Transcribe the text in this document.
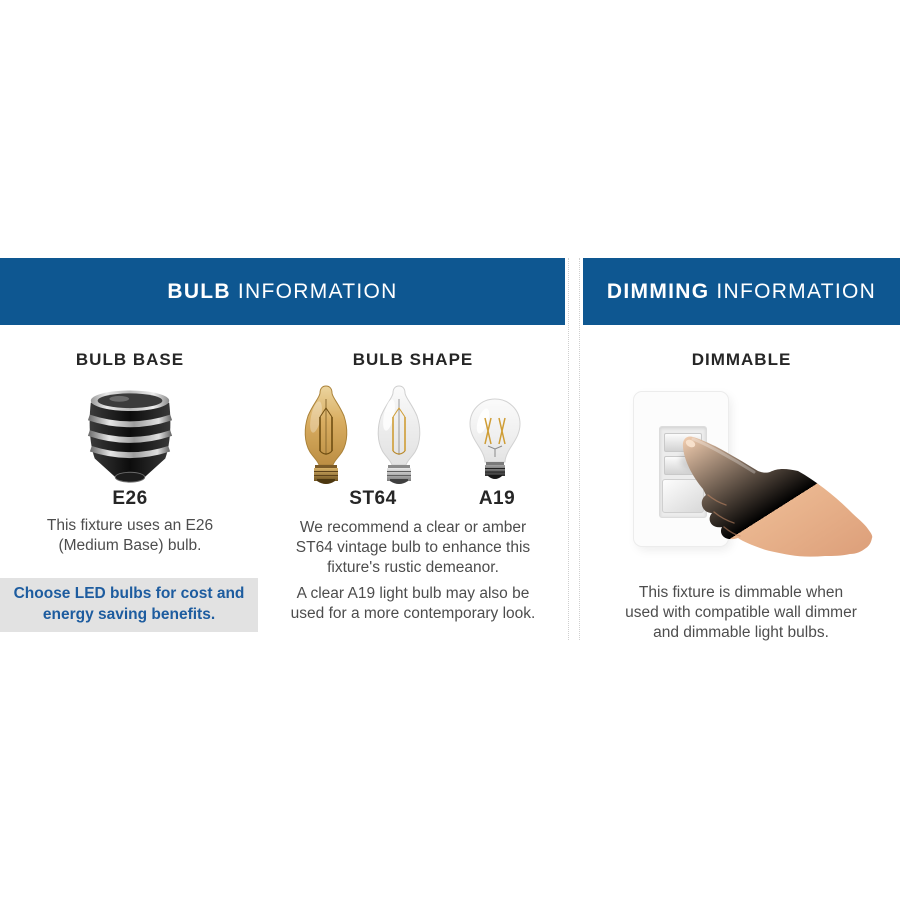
BULB INFORMATION	DIMMING INFORMATION
BULB BASE	BULB SHAPE	DIMMABLE
E26	ST64	A19
This fixture uses an E26 (Medium Base) bulb.
We recommend a clear or amber ST64 vintage bulb to enhance this fixture's rustic demeanor.
A clear A19 light bulb may also be used for a more contemporary look.
This fixture is dimmable when used with compatible wall dimmer and dimmable light bulbs.
Choose LED bulbs for cost and energy saving benefits.
